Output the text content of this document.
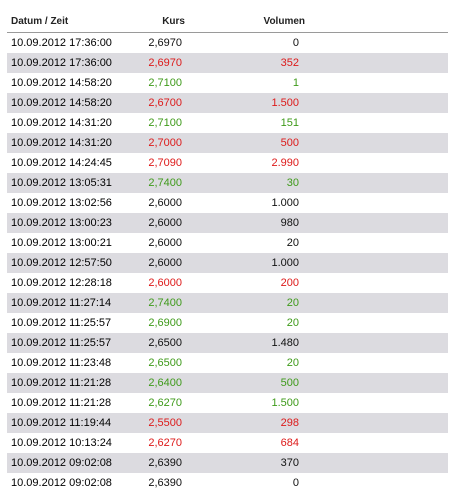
Datum / Zeit	Kurs	Volumen
10.09.2012 17:36:00	2,6970	0
10.09.2012 17:36:00	2,6970	352
10.09.2012 14:58:20	2,7100	1
10.09.2012 14:58:20	2,6700	1.500
10.09.2012 14:31:20	2,7100	151
10.09.2012 14:31:20	2,7000	500
10.09.2012 14:24:45	2,7090	2.990
10.09.2012 13:05:31	2,7400	30
10.09.2012 13:02:56	2,6000	1.000
10.09.2012 13:00:23	2,6000	980
10.09.2012 13:00:21	2,6000	20
10.09.2012 12:57:50	2,6000	1.000
10.09.2012 12:28:18	2,6000	200
10.09.2012 11:27:14	2,7400	20
10.09.2012 11:25:57	2,6900	20
10.09.2012 11:25:57	2,6500	1.480
10.09.2012 11:23:48	2,6500	20
10.09.2012 11:21:28	2,6400	500
10.09.2012 11:21:28	2,6270	1.500
10.09.2012 11:19:44	2,5500	298
10.09.2012 10:13:24	2,6270	684
10.09.2012 09:02:08	2,6390	370
10.09.2012 09:02:08	2,6390	0
